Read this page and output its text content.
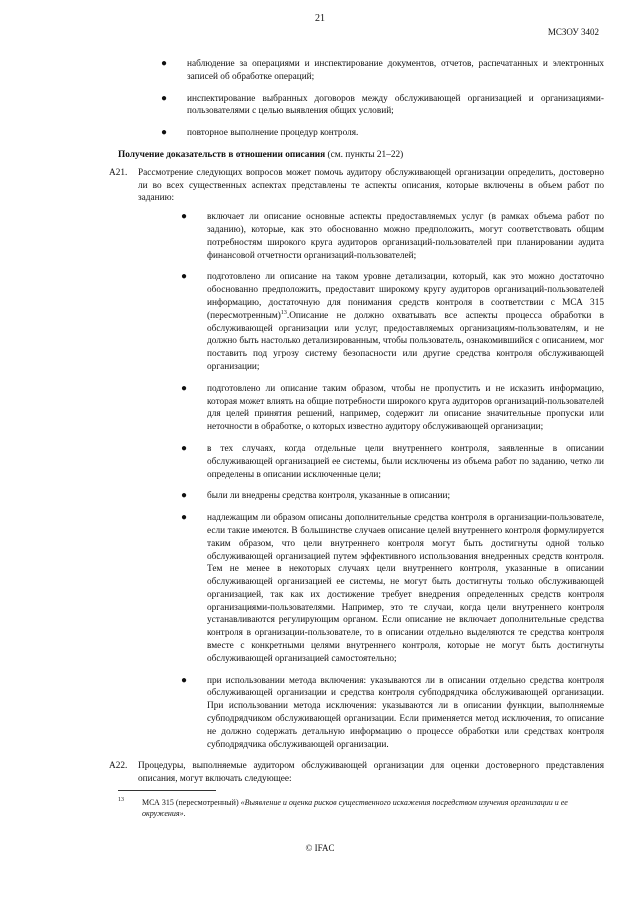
21
МСЗОУ 3402
● наблюдение за операциями и инспектирование документов, отчетов, распечатанных и электронных записей об обработке операций;
● инспектирование выбранных договоров между обслуживающей организацией и организациями-пользователями с целью выявления общих условий;
● повторное выполнение процедур контроля.
Получение доказательств в отношении описания (см. пункты 21–22)
A21. Рассмотрение следующих вопросов может помочь аудитору обслуживающей организации определить, достоверно ли во всех существенных аспектах представлены те аспекты описания, которые включены в объем работ по заданию:
● включает ли описание основные аспекты предоставляемых услуг (в рамках объема работ по заданию), которые, как это обоснованно можно предположить, могут соответствовать общим потребностям широкого круга аудиторов организаций-пользователей при планировании аудита финансовой отчетности организаций-пользователей;
● подготовлено ли описание на таком уровне детализации, который, как это можно достаточно обоснованно предположить, предоставит широкому кругу аудиторов организаций-пользователей информацию, достаточную для понимания средств контроля в соответствии с МСА 315 (пересмотренным)$^{13}$.Описание не должно охватывать все аспекты процесса обработки в обслуживающей организации или услуг, предоставляемых организациям-пользователям, и не должно быть настолько детализированным, чтобы пользователь, ознакомившийся с описанием, мог поставить под угрозу систему безопасности или другие средства контроля обслуживающей организации;
● подготовлено ли описание таким образом, чтобы не пропустить и не исказить информацию, которая может влиять на общие потребности широкого круга аудиторов организаций-пользователей для целей принятия решений, например, содержит ли описание значительные пропуски или неточности в обработке, о которых известно аудитору обслуживающей организации;
● в тех случаях, когда отдельные цели внутреннего контроля, заявленные в описании обслуживающей организацией ее системы, были исключены из объема работ по заданию, четко ли определены в описании исключенные цели;
● были ли внедрены средства контроля, указанные в описании;
● надлежащим ли образом описаны дополнительные средства контроля в организации-пользователе, если такие имеются. В большинстве случаев описание целей внутреннего контроля формулируется таким образом, что цели внутреннего контроля могут быть достигнуты одной только обслуживающей организацией путем эффективного использования внедренных средств контроля. Тем не менее в некоторых случаях цели внутреннего контроля, указанные в описании обслуживающей организацией ее системы, не могут быть достигнуты только обслуживающей организацией, так как их достижение требует внедрения определенных средств контроля организациями-пользователями. Например, это те случаи, когда цели внутреннего контроля устанавливаются регулирующим органом. Если описание не включает дополнительные средства контроля в организации-пользователе, то в описании отдельно выделяются те средства контроля вместе с конкретными целями внутреннего контроля, которые не могут быть достигнуты обслуживающей организацией самостоятельно;
● при использовании метода включения: указываются ли в описании отдельно средства контроля обслуживающей организации и средства контроля субподрядчика обслуживающей организации. При использовании метода исключения: указываются ли в описании функции, выполняемые субподрядчиком обслуживающей организации. Если применяется метод исключения, то описание не должно содержать детальную информацию о процессе обработки или средствах контроля субподрядчика обслуживающей организации.
A22. Процедуры, выполняемые аудитором обслуживающей организации для оценки достоверного представления описания, могут включать следующее:
13	МСА 315 (пересмотренный) «Выявление и оценка рисков существенного искажения посредством изучения организации и ее окружения».
© IFAC
